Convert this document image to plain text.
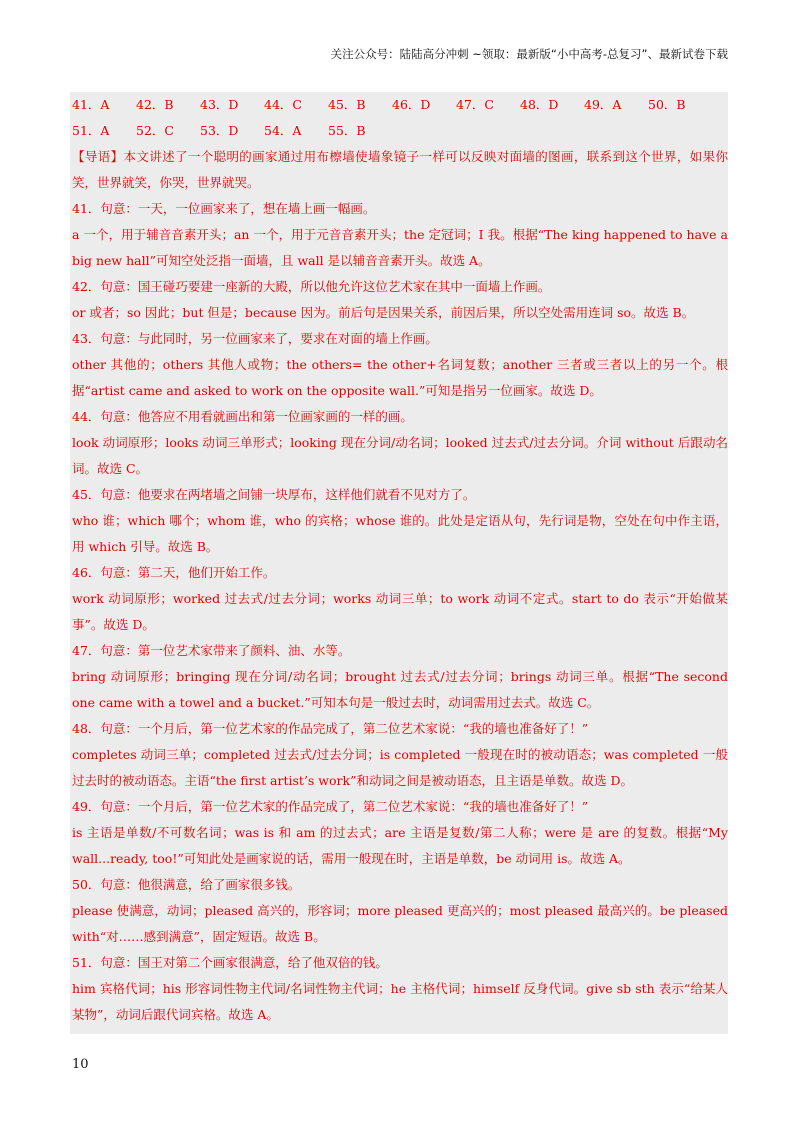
关注公众号：陆陆高分冲刺 ~领取：最新版“小中高考-总复习”、最新试卷下载
41．A	42．B	43．D	44．C	45．B	46．D	47．C	48．D	49．A	50．B
51．A	52．C	53．D	54．A	55．B

【导语】本文讲述了一个聪明的画家通过用布檫墙使墙象镜子一样可以反映对面墙的图画，联系到这个世界，如果你笑，世界就笑，你哭，世界就哭。

41．句意：一天，一位画家来了，想在墙上画一幅画。

a 一个，用于辅音音素开头；an 一个，用于元音音素开头；the 定冠词；I 我。根据“The king happened to have a big new hall”可知空处泛指一面墙，且 wall 是以辅音音素开头。故选 A。

42．句意：国王碰巧要建一座新的大殿，所以他允许这位艺术家在其中一面墙上作画。

or 或者；so 因此；but 但是；because 因为。前后句是因果关系，前因后果，所以空处需用连词 so。故选 B。

43．句意：与此同时，另一位画家来了，要求在对面的墙上作画。

other 其他的；others 其他人或物；the others= the other+名词复数；another 三者或三者以上的另一个。根据“artist came and asked to work on the opposite wall.”可知是指另一位画家。故选 D。

44．句意：他答应不用看就画出和第一位画家画的一样的画。

look 动词原形；looks 动词三单形式；looking 现在分词/动名词；looked 过去式/过去分词。介词 without 后跟动名词。故选 C。

45．句意：他要求在两堵墙之间铺一块厚布，这样他们就看不见对方了。

who 谁；which 哪个；whom 谁，who 的宾格；whose 谁的。此处是定语从句，先行词是物，空处在句中作主语，用 which 引导。故选 B。

46．句意：第二天，他们开始工作。

work 动词原形；worked 过去式/过去分词；works 动词三单；to work 动词不定式。start to do 表示“开始做某事”。故选 D。

47．句意：第一位艺术家带来了颜料、油、水等。

bring 动词原形；bringing 现在分词/动名词；brought 过去式/过去分词；brings 动词三单。根据“The second one came with a towel and a bucket.”可知本句是一般过去时，动词需用过去式。故选 C。

48．句意：一个月后，第一位艺术家的作品完成了，第二位艺术家说：“我的墙也准备好了！”

completes 动词三单；completed 过去式/过去分词；is completed 一般现在时的被动语态；was completed 一般过去时的被动语态。主语“the first artist’s work”和动词之间是被动语态，且主语是单数。故选 D。

49．句意：一个月后，第一位艺术家的作品完成了，第二位艺术家说：“我的墙也准备好了！”

is 主语是单数/不可数名词；was is 和 am 的过去式；are 主语是复数/第二人称；were 是 are 的复数。根据“My wall...ready, too!”可知此处是画家说的话，需用一般现在时，主语是单数，be 动词用 is。故选 A。

50．句意：他很满意，给了画家很多钱。

please 使满意，动词；pleased 高兴的，形容词；more pleased 更高兴的；most pleased 最高兴的。be pleased with“对……感到满意”，固定短语。故选 B。

51．句意：国王对第二个画家很满意，给了他双倍的钱。

him 宾格代词；his 形容词性物主代词/名词性物主代词；he 主格代词；himself 反身代词。give sb sth 表示“给某人某物”，动词后跟代词宾格。故选 A。

10
